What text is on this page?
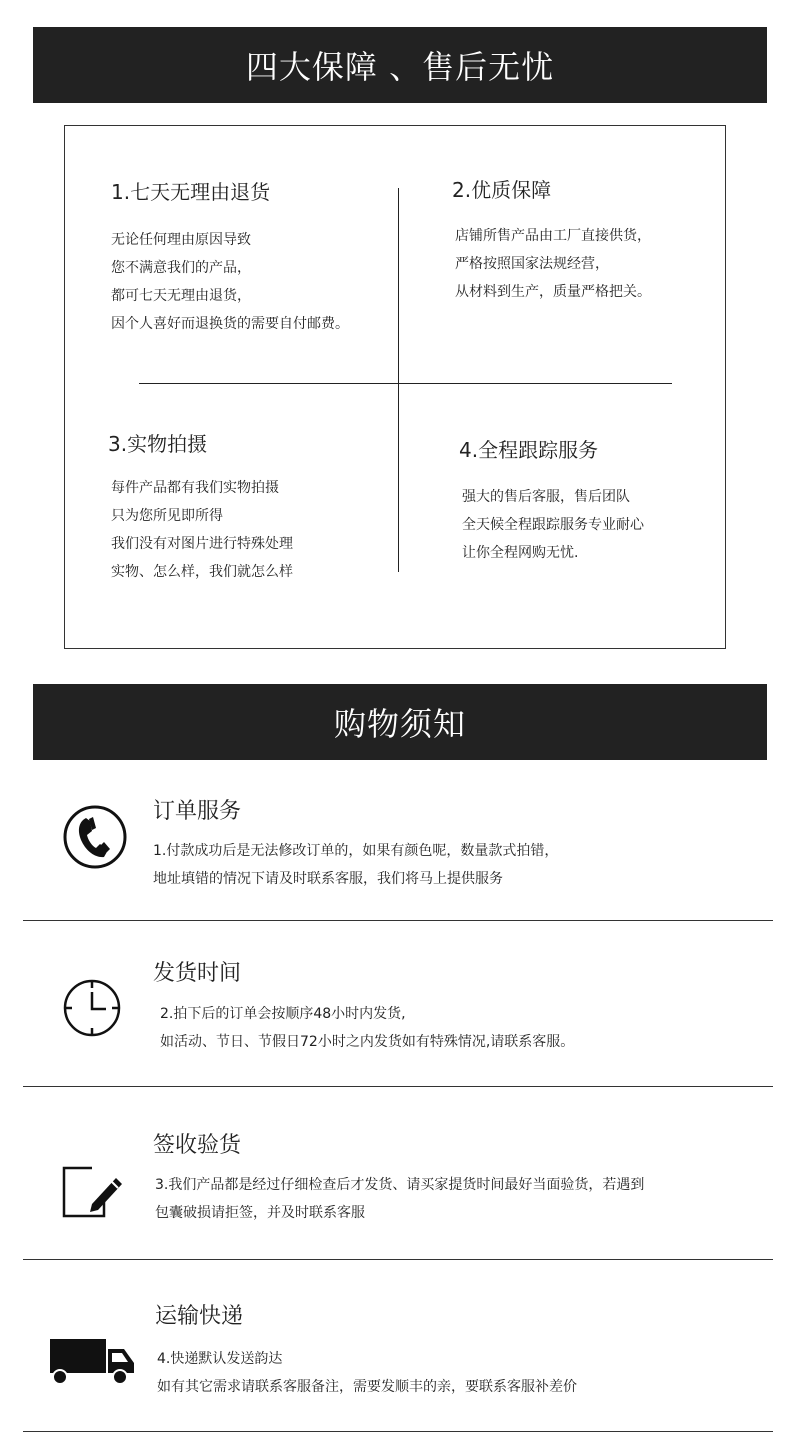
四大保障 、售后无忧
1.七天无理由退货
无论任何理由原因导致
您不满意我们的产品，
都可七天无理由退货，
因个人喜好而退换货的需要自付邮费。
2.优质保障
店铺所售产品由工厂直接供货，
严格按照国家法规经营，
从材料到生产，质量严格把关。
3.实物拍摄
每件产品都有我们实物拍摄
只为您所见即所得
我们没有对图片进行特殊处理
实物、怎么样，我们就怎么样
4.全程跟踪服务
强大的售后客服，售后团队
全天候全程跟踪服务专业耐心
让你全程网购无忧.
购物须知
订单服务
1.付款成功后是无法修改订单的，如果有颜色呢，数量款式拍错，
地址填错的情况下请及时联系客服，我们将马上提供服务
发货时间
2.拍下后的订单会按顺序48小时内发货,
如活动、节日、节假日72小时之内发货如有特殊情况,请联系客服。
签收验货
3.我们产品都是经过仔细检查后才发货、请买家提货时间最好当面验货，若遇到
包囊破损请拒签，并及时联系客服
运输快递
4.快递默认发送韵达
如有其它需求请联系客服备注，需要发顺丰的亲，要联系客服补差价
